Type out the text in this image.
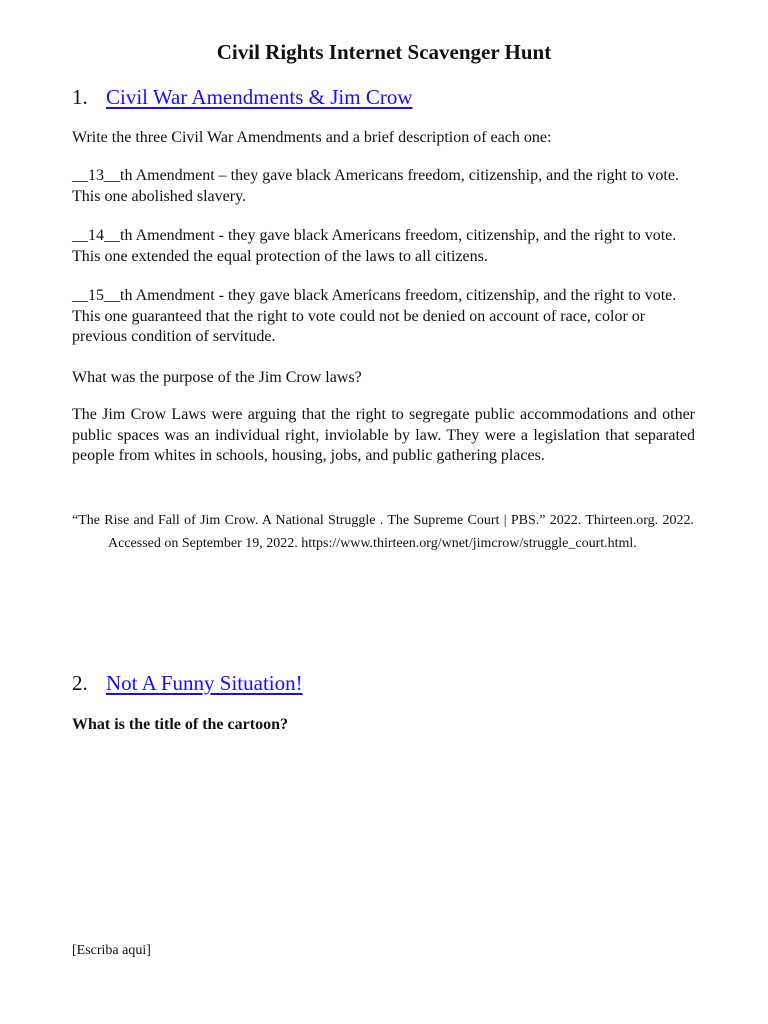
Civil Rights Internet Scavenger Hunt
1. Civil War Amendments & Jim Crow
Write the three Civil War Amendments and a brief description of each one:
__13__th Amendment – they gave black Americans freedom, citizenship, and the right to vote. This one abolished slavery.
__14__th Amendment - they gave black Americans freedom, citizenship, and the right to vote. This one extended the equal protection of the laws to all citizens.
__15__th Amendment - they gave black Americans freedom, citizenship, and the right to vote. This one guaranteed that the right to vote could not be denied on account of race, color or previous condition of servitude.
What was the purpose of the Jim Crow laws?
The Jim Crow Laws were arguing that the right to segregate public accommodations and other public spaces was an individual right, inviolable by law. They were a legislation that separated people from whites in schools, housing, jobs, and public gathering places.
“The Rise and Fall of Jim Crow. A National Struggle . The Supreme Court | PBS.” 2022. Thirteen.org. 2022. Accessed on September 19, 2022. https://www.thirteen.org/wnet/jimcrow/struggle_court.html.
2. Not A Funny Situation!
What is the title of the cartoon?
[Escriba aqui]
